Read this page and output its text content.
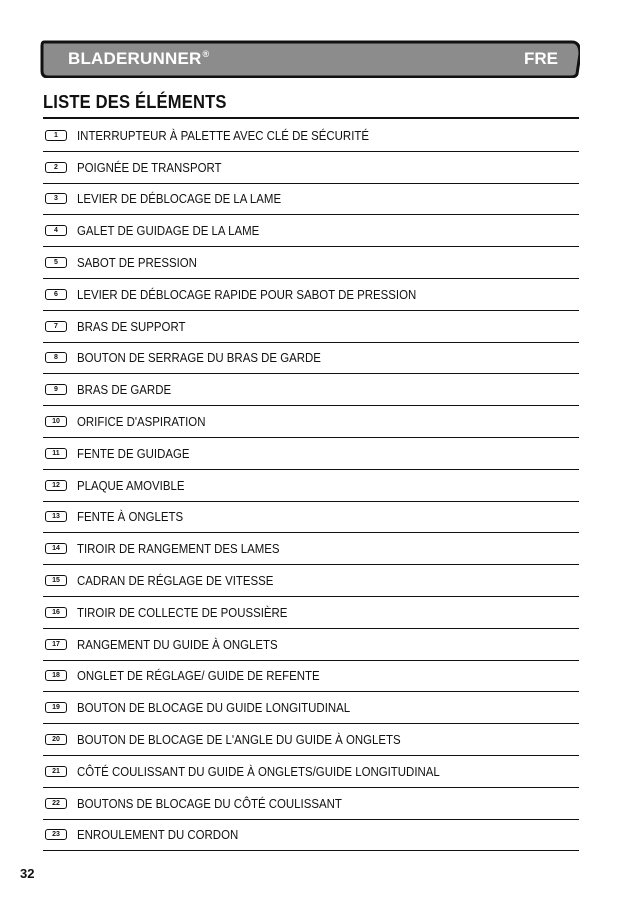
BLADERUNNER®	FRE
LISTE DES ÉLÉMENTS
1	INTERRUPTEUR À PALETTE AVEC CLÉ DE SÉCURITÉ
2	POIGNÉE DE TRANSPORT
3	LEVIER DE DÉBLOCAGE DE LA LAME
4	GALET DE GUIDAGE DE LA LAME
5	SABOT DE PRESSION
6	LEVIER DE DÉBLOCAGE RAPIDE POUR SABOT DE PRESSION
7	BRAS DE SUPPORT
8	BOUTON DE SERRAGE DU BRAS DE GARDE
9	BRAS DE GARDE
10	ORIFICE D'ASPIRATION
11	FENTE DE GUIDAGE
12	PLAQUE AMOVIBLE
13	FENTE À ONGLETS
14	TIROIR DE RANGEMENT DES LAMES
15	CADRAN DE RÉGLAGE DE VITESSE
16	TIROIR DE COLLECTE DE POUSSIÈRE
17	RANGEMENT DU GUIDE À ONGLETS
18	ONGLET DE RÉGLAGE/ GUIDE DE REFENTE
19	BOUTON DE BLOCAGE DU GUIDE LONGITUDINAL
20	BOUTON DE BLOCAGE DE L'ANGLE DU GUIDE À ONGLETS
21	CÔTÉ COULISSANT DU GUIDE À ONGLETS/GUIDE LONGITUDINAL
22	BOUTONS DE BLOCAGE DU CÔTÉ COULISSANT
23	ENROULEMENT DU CORDON
32
